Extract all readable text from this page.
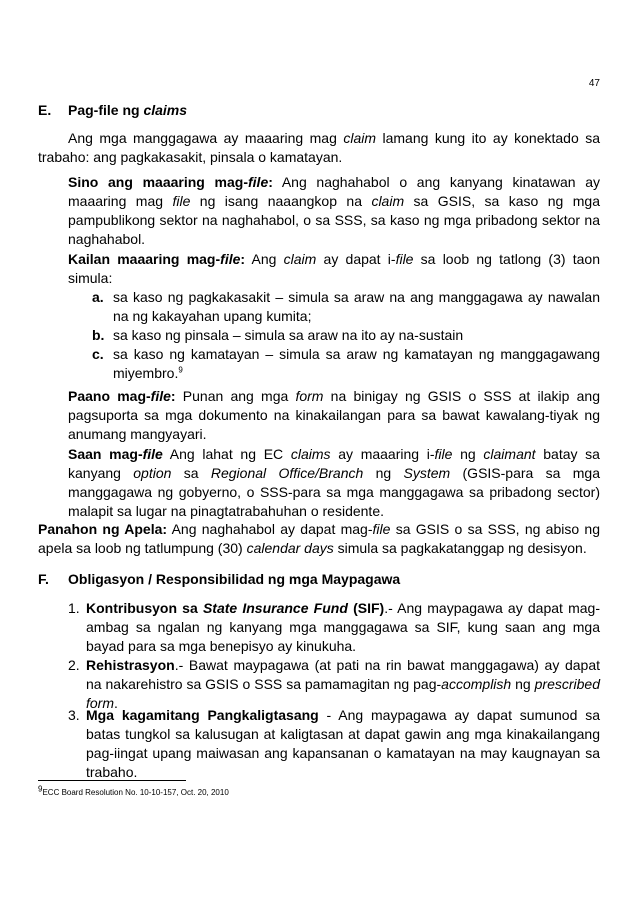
47
E. Pag-file ng claims
Ang mga manggagawa ay maaaring mag claim lamang kung ito ay konektado sa trabaho: ang pagkakasakit, pinsala o kamatayan.
Sino ang maaaring mag-file: Ang naghahabol o ang kanyang kinatawan ay maaaring mag file ng isang naaangkop na claim sa GSIS, sa kaso ng mga pampublikong sektor na naghahabol, o sa SSS, sa kaso ng mga pribadong sektor na naghahabol.
Kailan maaaring mag-file: Ang claim ay dapat i-file sa loob ng tatlong (3) taon simula:
a. sa kaso ng pagkakasakit – simula sa araw na ang manggagawa ay nawalan na ng kakayahan upang kumita;
b. sa kaso ng pinsala – simula sa araw na ito ay na-sustain
c. sa kaso ng kamatayan – simula sa araw ng kamatayan ng manggagawang miyembro.$^9$
Paano mag-file: Punan ang mga form na binigay ng GSIS o SSS at ilakip ang pagsuporta sa mga dokumento na kinakailangan para sa bawat kawalang-tiyak ng anumang mangyayari.
Saan mag-file Ang lahat ng EC claims ay maaaring i-file ng claimant batay sa kanyang option sa Regional Office/Branch ng System (GSIS-para sa mga manggagawa ng gobyerno, o SSS-para sa mga manggagawa sa pribadong sector) malapit sa lugar na pinagtatrabahuhan o residente.
Panahon ng Apela: Ang naghahabol ay dapat mag-file sa GSIS o sa SSS, ng abiso ng apela sa loob ng tatlumpung (30) calendar days simula sa pagkakatanggap ng desisyon.
F. Obligasyon / Responsibilidad ng mga Maypagawa
1. Kontribusyon sa State Insurance Fund (SIF).- Ang maypagawa ay dapat mag-ambag sa ngalan ng kanyang mga manggagawa sa SIF, kung saan ang mga bayad para sa mga benepisyo ay kinukuha.
2. Rehistrasyon.- Bawat maypagawa (at pati na rin bawat manggagawa) ay dapat na nakarehistro sa GSIS o SSS sa pamamagitan ng pag-accomplish ng prescribed form.
3. Mga kagamitang Pangkaligtasang - Ang maypagawa ay dapat sumunod sa batas tungkol sa kalusugan at kaligtasan at dapat gawin ang mga kinakailangang pag-iingat upang maiwasan ang kapansanan o kamatayan na may kaugnayan sa trabaho.
$^9$ECC Board Resolution No. 10-10-157, Oct. 20, 2010
